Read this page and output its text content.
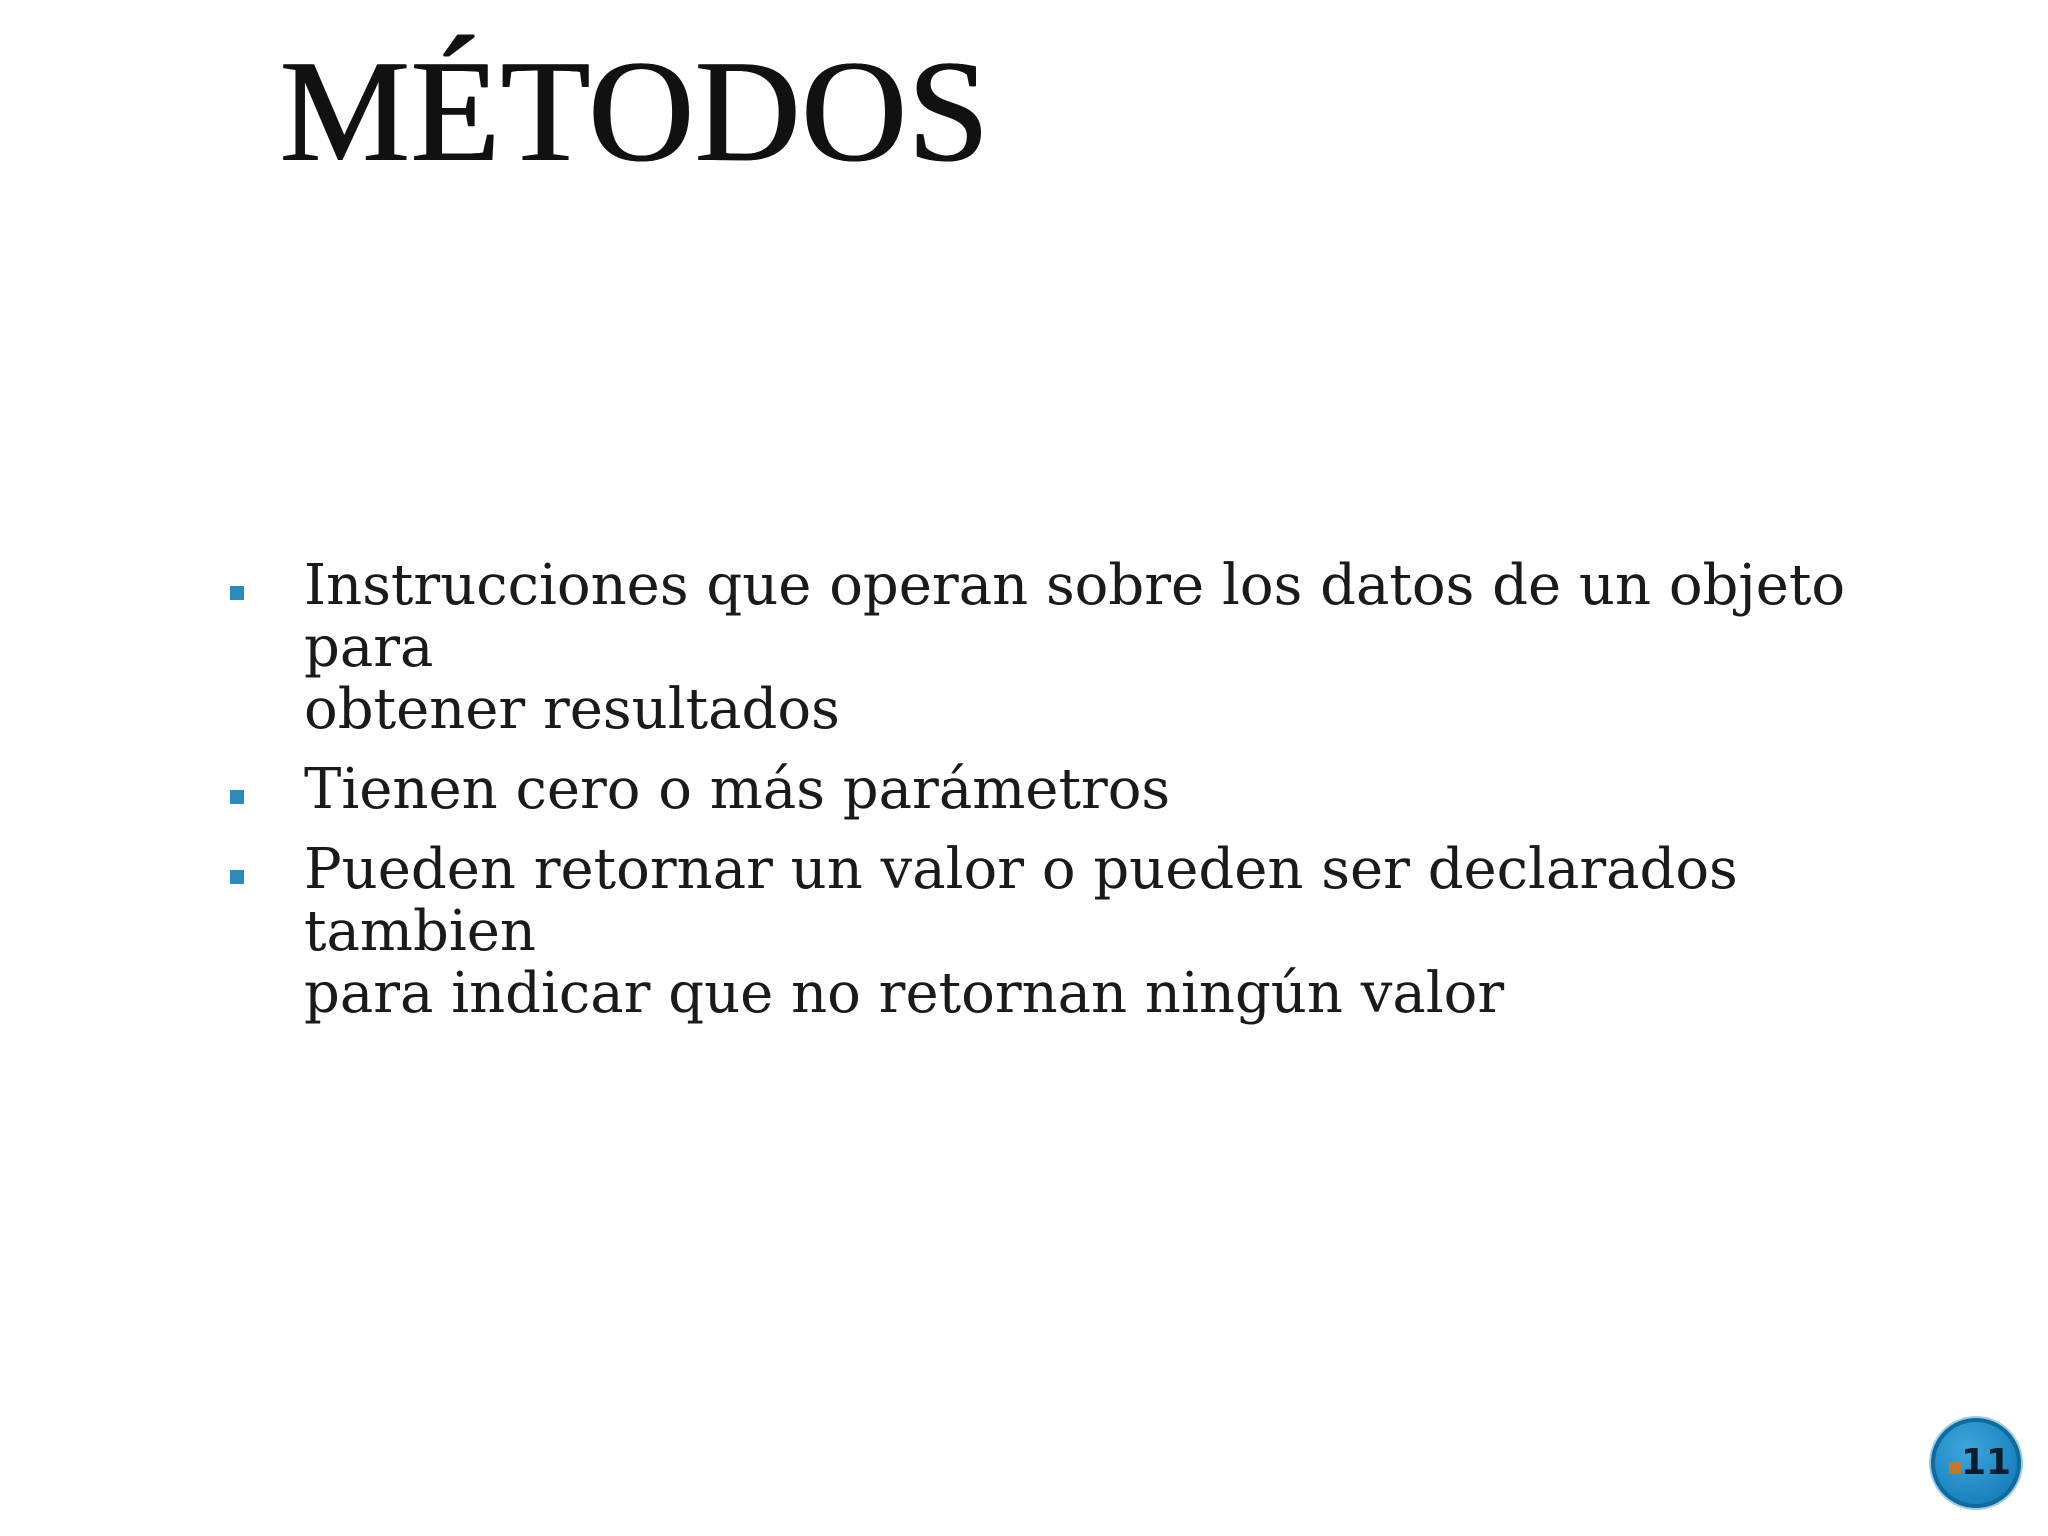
MÉTODOS
Instrucciones que operan sobre los datos de un objeto para
obtener resultados
Tienen cero o más parámetros
Pueden retornar un valor o pueden ser declarados tambien
para indicar que no retornan ningún valor
11
